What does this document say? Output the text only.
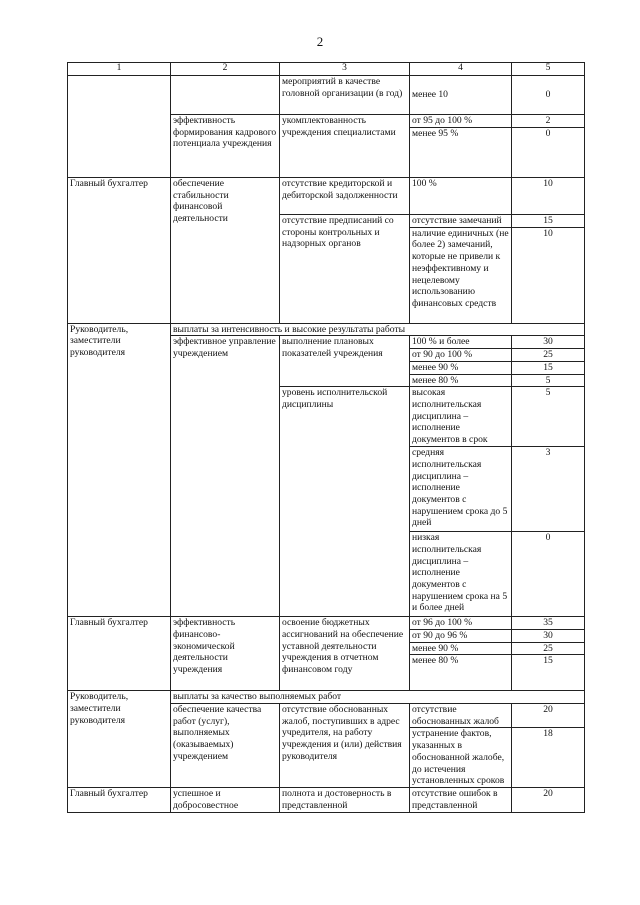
2
1	2	3	4	5
		мероприятий в качестве головной организации (в год)	менее 10	0
	эффективность формирования кадрового потенциала учреждения	укомплектованность учреждения специалистами	от 95 до 100 %	2
			менее 95 %	0
Главный бухгалтер	обеспечение стабильности финансовой деятельности	отсутствие кредиторской и дебиторской задолженности	100 %	10
		отсутствие предписаний со стороны контрольных и надзорных органов	отсутствие замечаний	15
			наличие единичных (не более 2) замечаний, которые не привели к неэффективному и нецелевому использованию финансовых средств	10
Руководитель, заместители руководителя	выплаты за интенсивность и высокие результаты работы			
	эффективное управление учреждением	выполнение плановых показателей учреждения	100 % и более	30
			от 90 до 100 %	25
			менее 90 %	15
			менее 80 %	5
		уровень исполнительской дисциплины	высокая исполнительская дисциплина – исполнение документов в срок	5
			средняя исполнительская дисциплина – исполнение документов с нарушением срока до 5 дней	3
			низкая исполнительская дисциплина – исполнение документов с нарушением срока на 5 и более дней	0
Главный бухгалтер	эффективность финансово-экономической деятельности учреждения	освоение бюджетных ассигнований на обеспечение уставной деятельности учреждения в отчетном финансовом году	от 96 до 100 %	35
			от 90 до 96 %	30
			менее 90 %	25
			менее 80 %	15
Руководитель, заместители руководителя	выплаты за качество выполняемых работ			
	обеспечение качества работ (услуг), выполняемых (оказываемых) учреждением	отсутствие обоснованных жалоб, поступивших в адрес учредителя, на работу учреждения и (или) действия руководителя	отсутствие обоснованных жалоб	20
			устранение фактов, указанных в обоснованной жалобе, до истечения установленных сроков	18
Главный бухгалтер	успешное и добросовестное	полнота и достоверность в представленной	отсутствие ошибок в представленной	20
